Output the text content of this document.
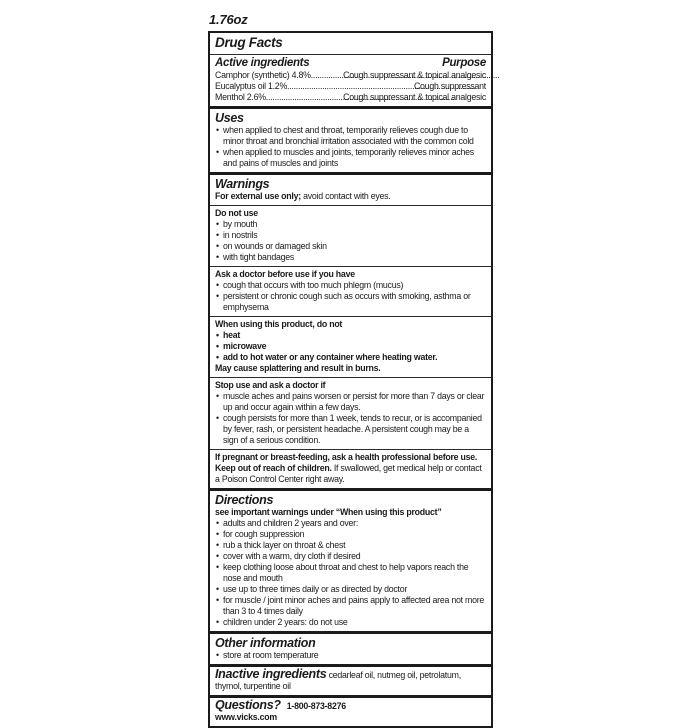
1.76oz
Drug Facts
Active ingredients	Purpose
Camphor (synthetic) 4.8% .....	Cough suppressant & topical analgesic
Eucalyptus oil 1.2% .....	Cough suppressant
Menthol 2.6% .....	Cough suppressant & topical analgesic
Uses
• when applied to chest and throat, temporarily relieves cough due to minor throat and bronchial irritation associated with the common cold
• when applied to muscles and joints, temporarily relieves minor aches and pains of muscles and joints
Warnings
For external use only; avoid contact with eyes.
Do not use
• by mouth
• in nostrils
• on wounds or damaged skin
• with tight bandages
Ask a doctor before use if you have
• cough that occurs with too much phlegm (mucus)
• persistent or chronic cough such as occurs with smoking, asthma or emphysema
When using this product, do not
• heat
• microwave
• add to hot water or any container where heating water.
May cause splattering and result in burns.
Stop use and ask a doctor if
• muscle aches and pains worsen or persist for more than 7 days or clear up and occur again within a few days.
• cough persists for more than 1 week, tends to recur, or is accompanied by fever, rash, or persistent headache. A persistent cough may be a sign of a serious condition.
If pregnant or breast-feeding, ask a health professional before use.
Keep out of reach of children. If swallowed, get medical help or contact a Poison Control Center right away.
Directions
see important warnings under “When using this product”
• adults and children 2 years and over:
• for cough suppression
• rub a thick layer on throat & chest
• cover with a warm, dry cloth if desired
• keep clothing loose about throat and chest to help vapors reach the nose and mouth
• use up to three times daily or as directed by doctor
• for muscle / joint minor aches and pains apply to affected area not more than 3 to 4 times daily
• children under 2 years: do not use
Other information
• store at room temperature
Inactive ingredients cedarleaf oil, nutmeg oil, petrolatum, thymol, turpentine oil
Questions? 1-800-873-8276
www.vicks.com
